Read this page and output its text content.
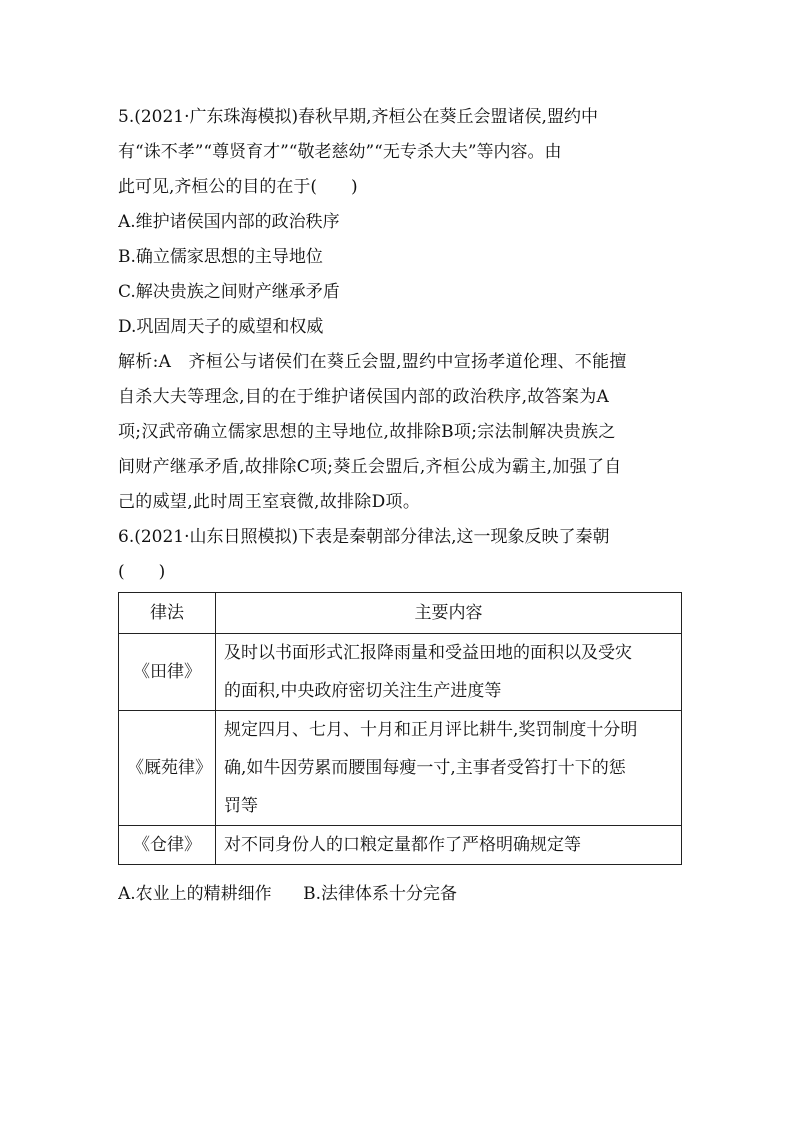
5.(2021·广东珠海模拟)春秋早期,齐桓公在葵丘会盟诸侯,盟约中
有“诛不孝”“尊贤育才”“敬老慈幼”“无专杀大夫”等内容。由
此可见,齐桓公的目的在于(　　)
A.维护诸侯国内部的政治秩序
B.确立儒家思想的主导地位
C.解决贵族之间财产继承矛盾
D.巩固周天子的威望和权威
解析:A　齐桓公与诸侯们在葵丘会盟,盟约中宣扬孝道伦理、不能擅
自杀大夫等理念,目的在于维护诸侯国内部的政治秩序,故答案为A
项;汉武帝确立儒家思想的主导地位,故排除B项;宗法制解决贵族之
间财产继承矛盾,故排除C项;葵丘会盟后,齐桓公成为霸主,加强了自
己的威望,此时周王室衰微,故排除D项。
6.(2021·山东日照模拟)下表是秦朝部分律法,这一现象反映了秦朝
(　　)
律法	主要内容
《田律》	及时以书面形式汇报降雨量和受益田地的面积以及受灾
的面积,中央政府密切关注生产进度等

《厩苑律》	规定四月、七月、十月和正月评比耕牛,奖罚制度十分明
确,如牛因劳累而腰围每瘦一寸,主事者受笞打十下的惩
罚等

《仓律》	对不同身份人的口粮定量都作了严格明确规定等
A.农业上的精耕细作 B.法律体系十分完备
